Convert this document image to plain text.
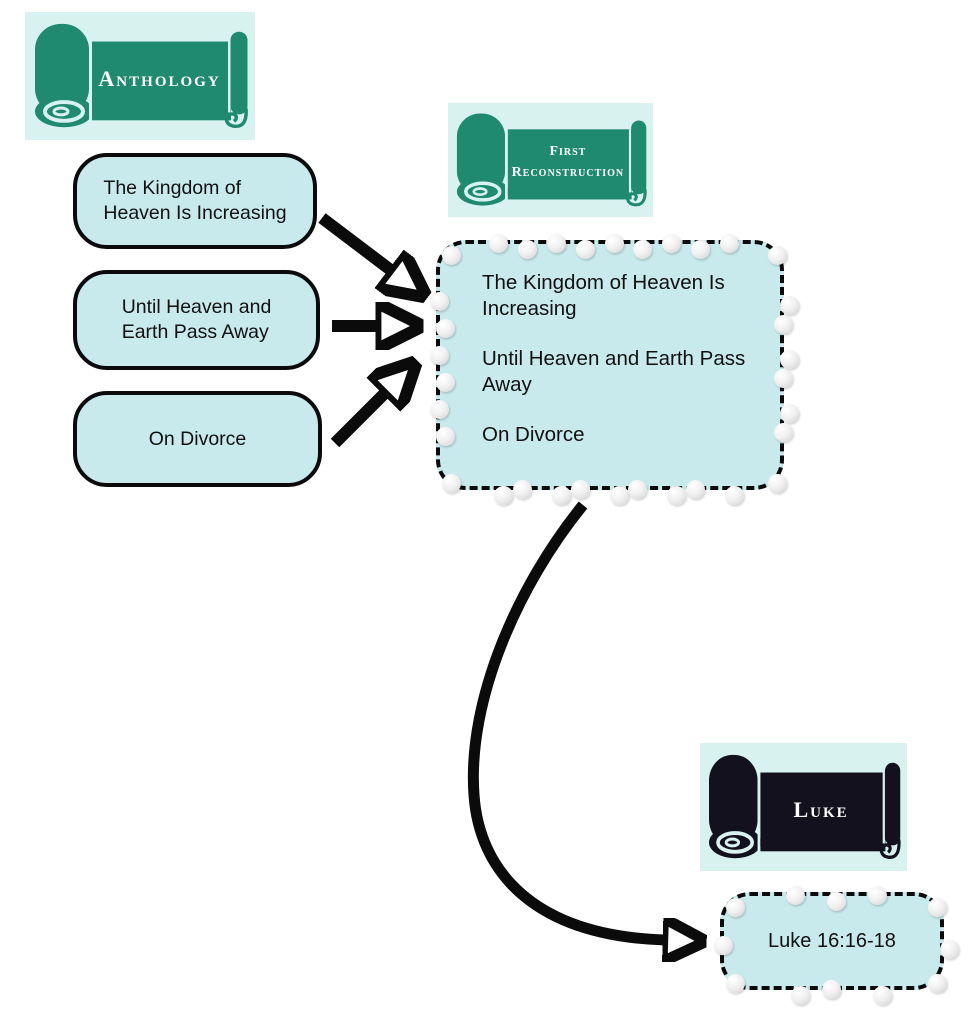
Anthology
First
Reconstruction
Luke
The Kingdom of
Heaven Is Increasing
Until Heaven and
Earth Pass Away
On Divorce

The Kingdom of Heaven Is Increasing

Until Heaven and Earth Pass Away

On Divorce

Luke 16:16-18
